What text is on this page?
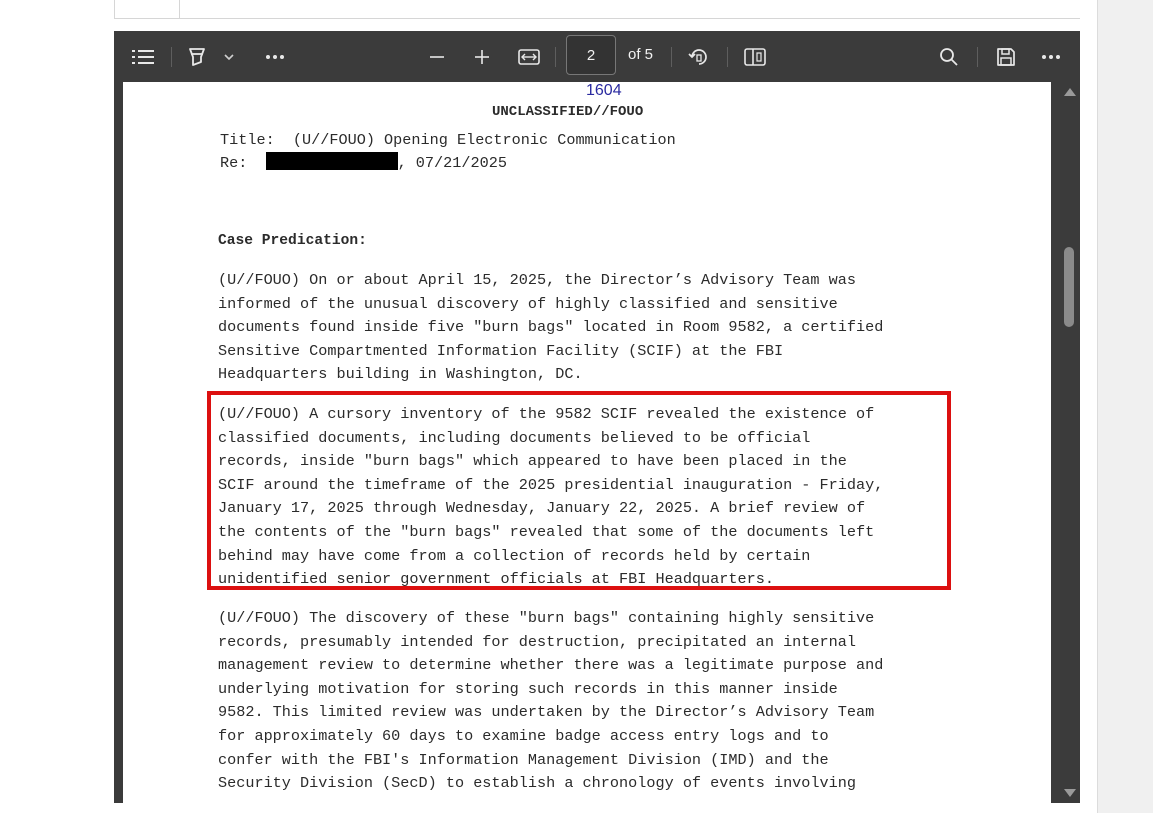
2	of 5
1604
UNCLASSIFIED//FOUO
Title:  (U//FOUO) Opening Electronic Communication
Re:	, 07/21/2025
Case Predication:
(U//FOUO) On or about April 15, 2025, the Director’s Advisory Team was
informed of the unusual discovery of highly classified and sensitive
documents found inside five "burn bags" located in Room 9582, a certified
Sensitive Compartmented Information Facility (SCIF) at the FBI
Headquarters building in Washington, DC.
(U//FOUO) A cursory inventory of the 9582 SCIF revealed the existence of
classified documents, including documents believed to be official
records, inside "burn bags" which appeared to have been placed in the
SCIF around the timeframe of the 2025 presidential inauguration - Friday,
January 17, 2025 through Wednesday, January 22, 2025. A brief review of
the contents of the "burn bags" revealed that some of the documents left
behind may have come from a collection of records held by certain
unidentified senior government officials at FBI Headquarters.
(U//FOUO) The discovery of these "burn bags" containing highly sensitive
records, presumably intended for destruction, precipitated an internal
management review to determine whether there was a legitimate purpose and
underlying motivation for storing such records in this manner inside
9582. This limited review was undertaken by the Director’s Advisory Team
for approximately 60 days to examine badge access entry logs and to
confer with the FBI's Information Management Division (IMD) and the
Security Division (SecD) to establish a chronology of events involving
